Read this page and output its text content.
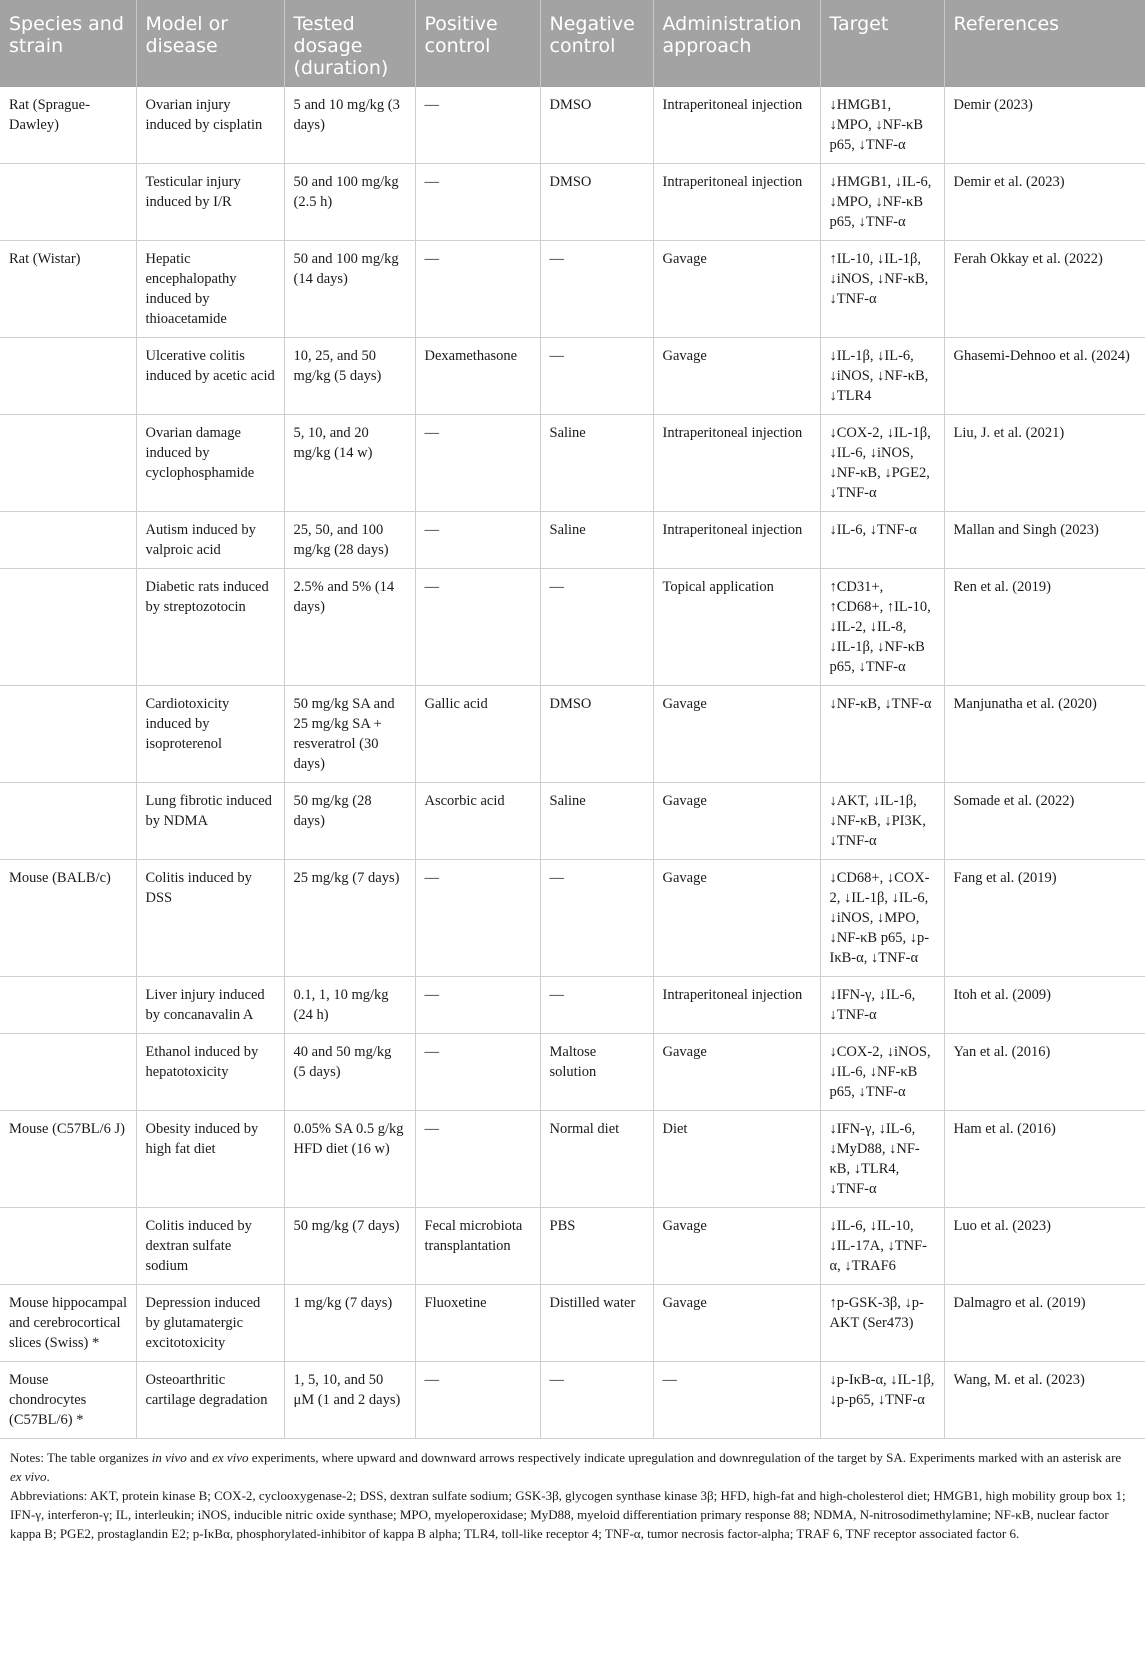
Species and strain	Model or disease	Tested dosage (duration)	Positive control	Negative control	Administration approach	Target	References
Rat (Sprague-Dawley)	Ovarian injury induced by cisplatin	5 and 10 mg/kg (3 days)	—	DMSO	Intraperitoneal injection	↓HMGB1, ↓MPO, ↓NF-κB p65, ↓TNF-α	Demir (2023)
	Testicular injury induced by I/R	50 and 100 mg/kg (2.5 h)	—	DMSO	Intraperitoneal injection	↓HMGB1, ↓IL-6, ↓MPO, ↓NF-κB p65, ↓TNF-α	Demir et al. (2023)
Rat (Wistar)	Hepatic encephalopathy induced by thioacetamide	50 and 100 mg/kg (14 days)	—	—	Gavage	↑IL-10, ↓IL-1β, ↓iNOS, ↓NF-κB, ↓TNF-α	Ferah Okkay et al. (2022)
	Ulcerative colitis induced by acetic acid	10, 25, and 50 mg/kg (5 days)	Dexamethasone	—	Gavage	↓IL-1β, ↓IL-6, ↓iNOS, ↓NF-κB, ↓TLR4	Ghasemi-Dehnoo et al. (2024)
	Ovarian damage induced by cyclophosphamide	5, 10, and 20 mg/kg (14 w)	—	Saline	Intraperitoneal injection	↓COX-2, ↓IL-1β, ↓IL-6, ↓iNOS, ↓NF-κB, ↓PGE2, ↓TNF-α	Liu, J. et al. (2021)
	Autism induced by valproic acid	25, 50, and 100 mg/kg (28 days)	—	Saline	Intraperitoneal injection	↓IL-6, ↓TNF-α	Mallan and Singh (2023)
	Diabetic rats induced by streptozotocin	2.5% and 5% (14 days)	—	—	Topical application	↑CD31+, ↑CD68+, ↑IL-10, ↓IL-2, ↓IL-8, ↓IL-1β, ↓NF-κB p65, ↓TNF-α	Ren et al. (2019)
	Cardiotoxicity induced by isoproterenol	50 mg/kg SA and 25 mg/kg SA + resveratrol (30 days)	Gallic acid	DMSO	Gavage	↓NF-κB, ↓TNF-α	Manjunatha et al. (2020)
	Lung fibrotic induced by NDMA	50 mg/kg (28 days)	Ascorbic acid	Saline	Gavage	↓AKT, ↓IL-1β, ↓NF-κB, ↓PI3K, ↓TNF-α	Somade et al. (2022)
Mouse (BALB/c)	Colitis induced by DSS	25 mg/kg (7 days)	—	—	Gavage	↓CD68+, ↓COX-2, ↓IL-1β, ↓IL-6, ↓iNOS, ↓MPO, ↓NF-κB p65, ↓p-IκB-α, ↓TNF-α	Fang et al. (2019)
	Liver injury induced by concanavalin A	0.1, 1, 10 mg/kg (24 h)	—	—	Intraperitoneal injection	↓IFN-γ, ↓IL-6, ↓TNF-α	Itoh et al. (2009)
	Ethanol induced by hepatotoxicity	40 and 50 mg/kg (5 days)	—	Maltose solution	Gavage	↓COX-2, ↓iNOS, ↓IL-6, ↓NF-κB p65, ↓TNF-α	Yan et al. (2016)
Mouse (C57BL/6 J)	Obesity induced by high fat diet	0.05% SA 0.5 g/kg HFD diet (16 w)	—	Normal diet	Diet	↓IFN-γ, ↓IL-6, ↓MyD88, ↓NF-κB, ↓TLR4, ↓TNF-α	Ham et al. (2016)
	Colitis induced by dextran sulfate sodium	50 mg/kg (7 days)	Fecal microbiota transplantation	PBS	Gavage	↓IL-6, ↓IL-10, ↓IL-17A, ↓TNF-α, ↓TRAF6	Luo et al. (2023)
Mouse hippocampal and cerebrocortical slices (Swiss) *	Depression induced by glutamatergic excitotoxicity	1 mg/kg (7 days)	Fluoxetine	Distilled water	Gavage	↑p-GSK-3β, ↓p-AKT (Ser473)	Dalmagro et al. (2019)
Mouse chondrocytes (C57BL/6) *	Osteoarthritic cartilage degradation	1, 5, 10, and 50 μM (1 and 2 days)	—	—	—	↓p-IκB-α, ↓IL-1β, ↓p-p65, ↓TNF-α	Wang, M. et al. (2023)

Notes: The table organizes in vivo and ex vivo experiments, where upward and downward arrows respectively indicate upregulation and downregulation of the target by SA. Experiments marked with an asterisk are ex vivo.

Abbreviations: AKT, protein kinase B; COX-2, cyclooxygenase-2; DSS, dextran sulfate sodium; GSK-3β, glycogen synthase kinase 3β; HFD, high-fat and high-cholesterol diet; HMGB1, high mobility group box 1; IFN-γ, interferon-γ; IL, interleukin; iNOS, inducible nitric oxide synthase; MPO, myeloperoxidase; MyD88, myeloid differentiation primary response 88; NDMA, N-nitrosodimethylamine; NF-κB, nuclear factor kappa B; PGE2, prostaglandin E2; p-IκBα, phosphorylated-inhibitor of kappa B alpha; TLR4, toll-like receptor 4; TNF-α, tumor necrosis factor-alpha; TRAF 6, TNF receptor associated factor 6.
